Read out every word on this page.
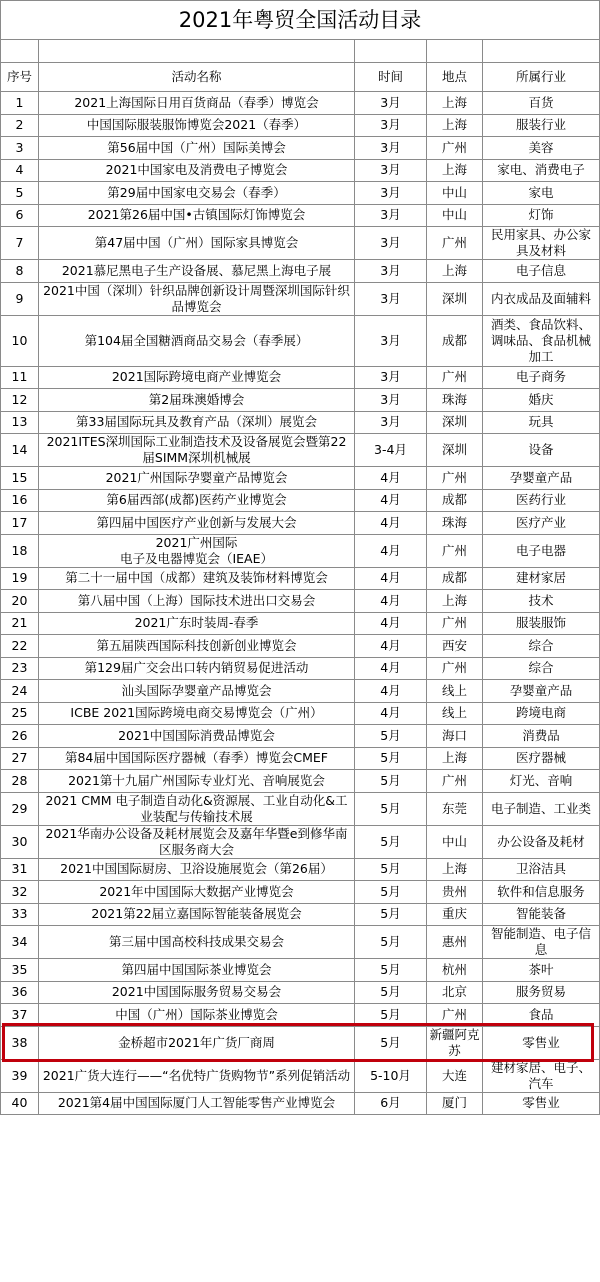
2021年粤贸全国活动目录				

序号	活动名称	时间	地点	所属行业
1	2021上海国际日用百货商品（春季）博览会	3月	上海	百货
2	中国国际服装服饰博览会2021（春季）	3月	上海	服装行业
3	第56届中国（广州）国际美博会	3月	广州	美容
4	2021中国家电及消费电子博览会	3月	上海	家电、消费电子
5	第29届中国家电交易会（春季）	3月	中山	家电
6	2021第26届中国•古镇国际灯饰博览会	3月	中山	灯饰
7	第47届中国（广州）国际家具博览会	3月	广州	民用家具、办公家具及材料
8	2021慕尼黑电子生产设备展、慕尼黑上海电子展	3月	上海	电子信息
9	2021中国（深圳）针织品牌创新设计周暨深圳国际针织品博览会	3月	深圳	内衣成品及面辅料
10	第104届全国糖酒商品交易会（春季展）	3月	成都	酒类、食品饮料、调味品、食品机械加工
11	2021国际跨境电商产业博览会	3月	广州	电子商务
12	第2届珠澳婚博会	3月	珠海	婚庆
13	第33届国际玩具及教育产品（深圳）展览会	3月	深圳	玩具
14	2021ITES深圳国际工业制造技术及设备展览会暨第22届SIMM深圳机械展	3-4月	深圳	设备
15	2021广州国际孕婴童产品博览会	4月	广州	孕婴童产品
16	第6届西部(成都)医药产业博览会	4月	成都	医药行业
17	第四届中国医疗产业创新与发展大会	4月	珠海	医疗产业
18	2021广州国际
电子及电器博览会（IEAE）	4月	广州	电子电器
19	第二十一届中国（成都）建筑及装饰材料博览会	4月	成都	建材家居
20	第八届中国（上海）国际技术进出口交易会	4月	上海	技术
21	2021广东时装周-春季	4月	广州	服装服饰
22	第五届陕西国际科技创新创业博览会	4月	西安	综合
23	第129届广交会出口转内销贸易促进活动	4月	广州	综合
24	汕头国际孕婴童产品博览会	4月	线上	孕婴童产品
25	ICBE 2021国际跨境电商交易博览会（广州）	4月	线上	跨境电商
26	2021中国国际消费品博览会	5月	海口	消费品
27	第84届中国国际医疗器械（春季）博览会CMEF	5月	上海	医疗器械
28	2021第十九届广州国际专业灯光、音响展览会	5月	广州	灯光、音响
29	2021 CMM 电子制造自动化&资源展、工业自动化&工业装配与传输技术展	5月	东莞	电子制造、工业类
30	2021华南办公设备及耗材展览会及嘉年华暨e到修华南区服务商大会	5月	中山	办公设备及耗材
31	2021中国国际厨房、卫浴设施展览会（第26届）	5月	上海	卫浴洁具
32	2021年中国国际大数据产业博览会	5月	贵州	软件和信息服务
33	2021第22届立嘉国际智能装备展览会	5月	重庆	智能装备
34	第三届中国高校科技成果交易会	5月	惠州	智能制造、电子信息
35	第四届中国国际茶业博览会	5月	杭州	茶叶
36	2021中国国际服务贸易交易会	5月	北京	服务贸易
37	中国（广州）国际茶业博览会	5月	广州	食品
38	金桥超市2021年广货厂商周	5月	新疆阿克苏	零售业
39	2021广货大连行——“名优特广货购物节”系列促销活动	5-10月	大连	建材家居、电子、汽车
40	2021第4届中国国际厦门人工智能零售产业博览会	6月	厦门	零售业
